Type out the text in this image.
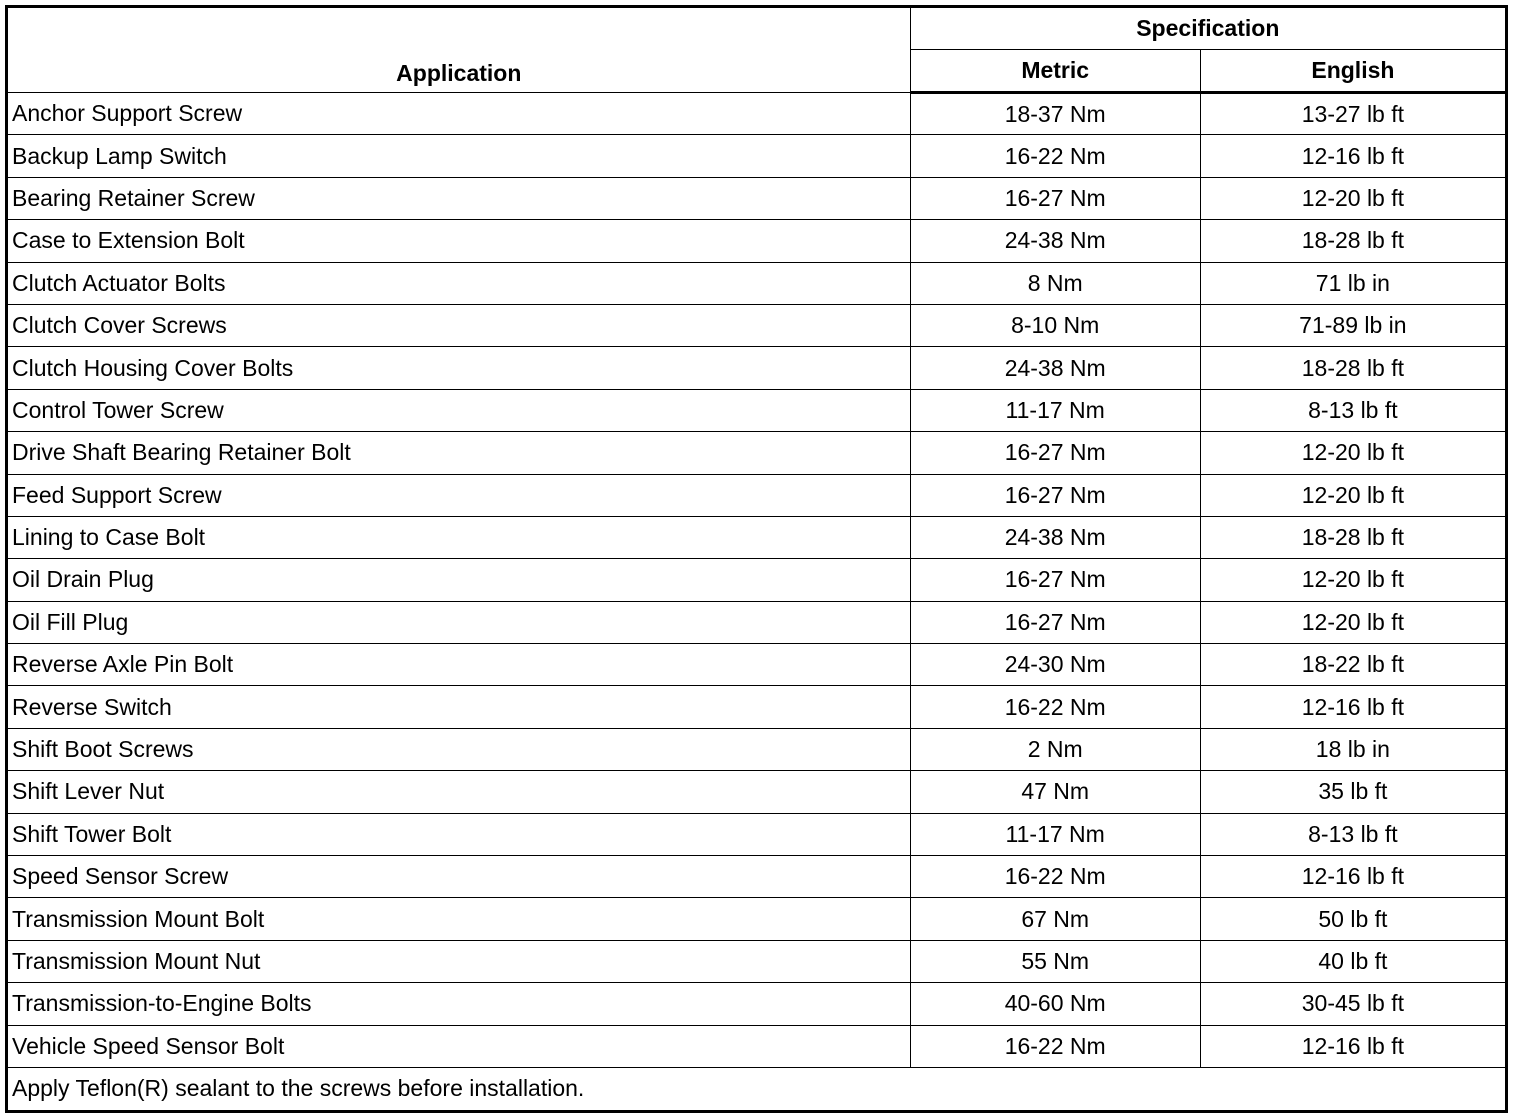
Application	Specification	
	Metric	English
Anchor Support Screw	18-37 Nm	13-27 lb ft
Backup Lamp Switch	16-22 Nm	12-16 lb ft
Bearing Retainer Screw	16-27 Nm	12-20 lb ft
Case to Extension Bolt	24-38 Nm	18-28 lb ft
Clutch Actuator Bolts	8 Nm	71 lb in
Clutch Cover Screws	8-10 Nm	71-89 lb in
Clutch Housing Cover Bolts	24-38 Nm	18-28 lb ft
Control Tower Screw	11-17 Nm	8-13 lb ft
Drive Shaft Bearing Retainer Bolt	16-27 Nm	12-20 lb ft
Feed Support Screw	16-27 Nm	12-20 lb ft
Lining to Case Bolt	24-38 Nm	18-28 lb ft
Oil Drain Plug	16-27 Nm	12-20 lb ft
Oil Fill Plug	16-27 Nm	12-20 lb ft
Reverse Axle Pin Bolt	24-30 Nm	18-22 lb ft
Reverse Switch	16-22 Nm	12-16 lb ft
Shift Boot Screws	2 Nm	18 lb in
Shift Lever Nut	47 Nm	35 lb ft
Shift Tower Bolt	11-17 Nm	8-13 lb ft
Speed Sensor Screw	16-22 Nm	12-16 lb ft
Transmission Mount Bolt	67 Nm	50 lb ft
Transmission Mount Nut	55 Nm	40 lb ft
Transmission-to-Engine Bolts	40-60 Nm	30-45 lb ft
Vehicle Speed Sensor Bolt	16-22 Nm	12-16 lb ft
Apply Teflon(R) sealant to the screws before installation.		
